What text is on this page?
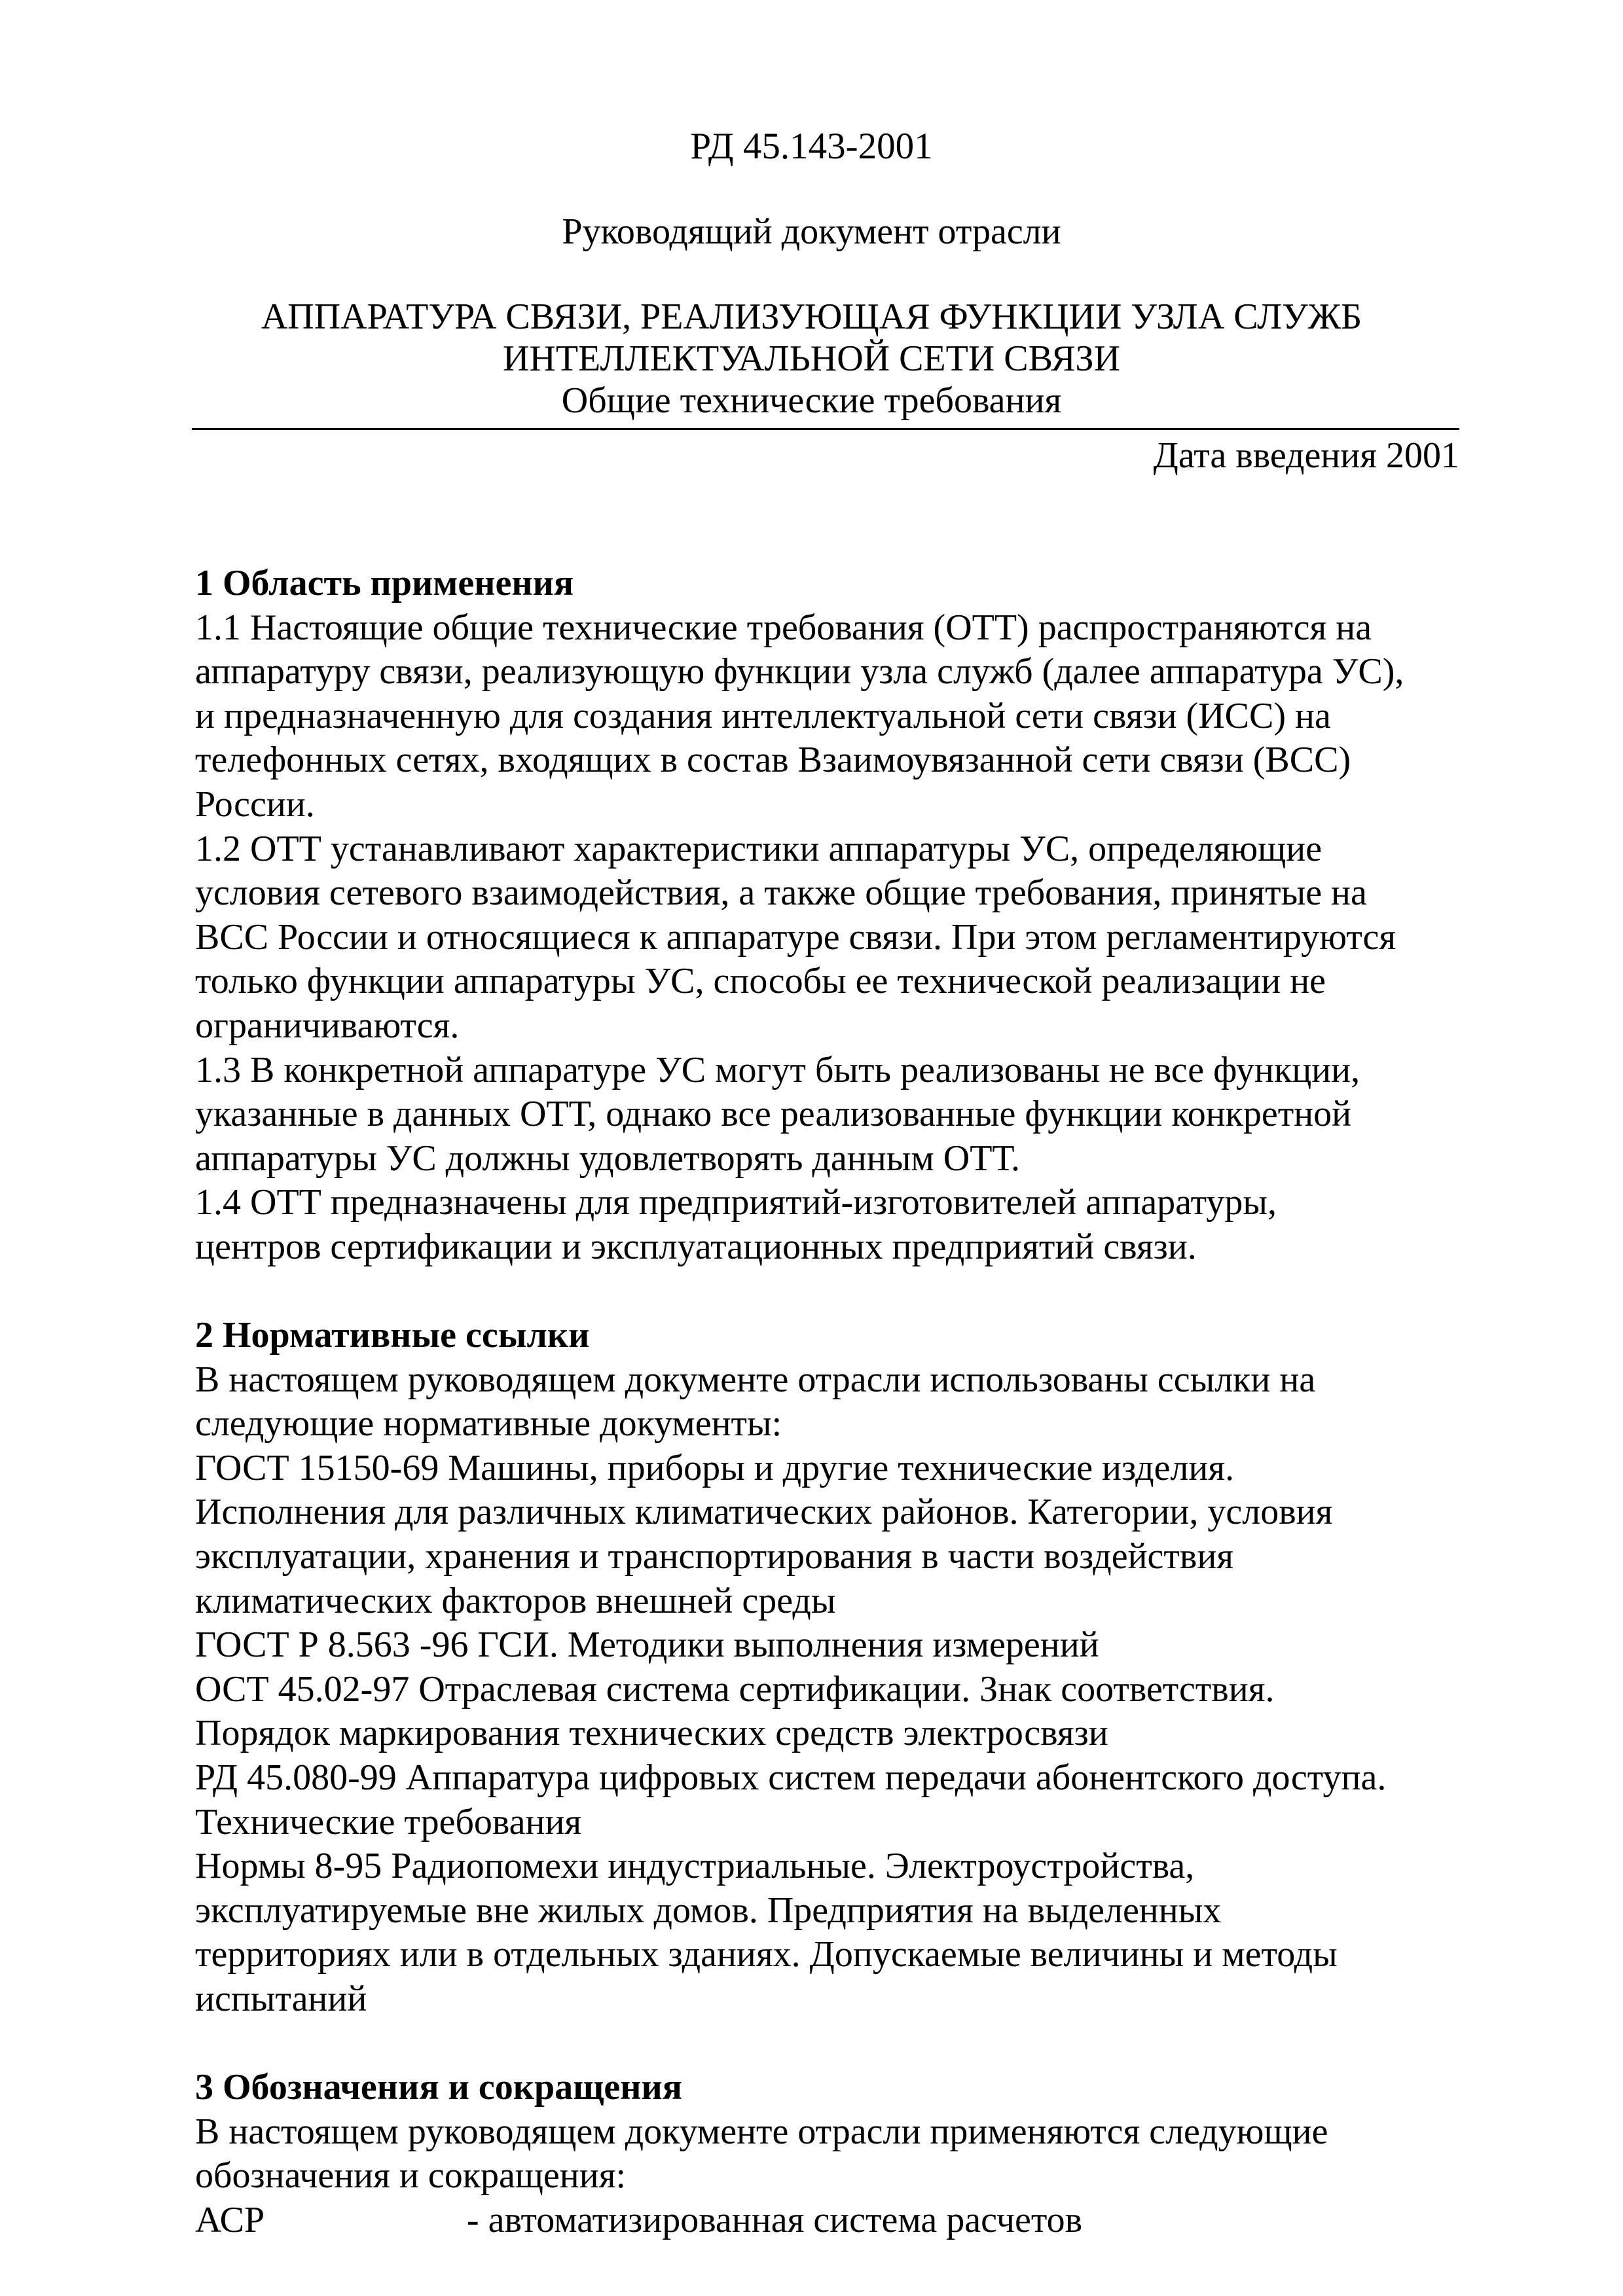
РД 45.143-2001
Руководящий документ отрасли
АППАРАТУРА СВЯЗИ, РЕАЛИЗУЮЩАЯ ФУНКЦИИ УЗЛА СЛУЖБ
ИНТЕЛЛЕКТУАЛЬНОЙ СЕТИ СВЯЗИ
Общие технические требования
Дата введения 2001
1 Область применения
1.1 Настоящие общие технические требования (ОТТ) распространяются на
аппаратуру связи, реализующую функции узла служб (далее аппаратура УС),
и предназначенную для создания интеллектуальной сети связи (ИСС) на
телефонных сетях, входящих в состав Взаимоувязанной сети связи (ВСС)
России.
1.2 ОТТ устанавливают характеристики аппаратуры УС, определяющие
условия сетевого взаимодействия, а также общие требования, принятые на
ВСС России и относящиеся к аппаратуре связи. При этом регламентируются
только функции аппаратуры УС, способы ее технической реализации не
ограничиваются.
1.3 В конкретной аппаратуре УС могут быть реализованы не все функции,
указанные в данных ОТТ, однако все реализованные функции конкретной
аппаратуры УС должны удовлетворять данным ОТТ.
1.4 ОТТ предназначены для предприятий-изготовителей аппаратуры,
центров сертификации и эксплуатационных предприятий связи.
2 Нормативные ссылки
В настоящем руководящем документе отрасли использованы ссылки на
следующие нормативные документы:
ГОСТ 15150-69 Машины, приборы и другие технические изделия.
Исполнения для различных климатических районов. Категории, условия
эксплуатации, хранения и транспортирования в части воздействия
климатических факторов внешней среды
ГОСТ Р 8.563 -96 ГСИ. Методики выполнения измерений
ОСТ 45.02-97 Отраслевая система сертификации. Знак соответствия.
Порядок маркирования технических средств электросвязи
РД 45.080-99 Аппаратура цифровых систем передачи абонентского доступа.
Технические требования
Нормы 8-95 Радиопомехи индустриальные. Электроустройства,
эксплуатируемые вне жилых домов. Предприятия на выделенных
территориях или в отдельных зданиях. Допускаемые величины и методы
испытаний
3 Обозначения и сокращения
В настоящем руководящем документе отрасли применяются следующие
обозначения и сокращения:
АСР	- автоматизированная система расчетов
